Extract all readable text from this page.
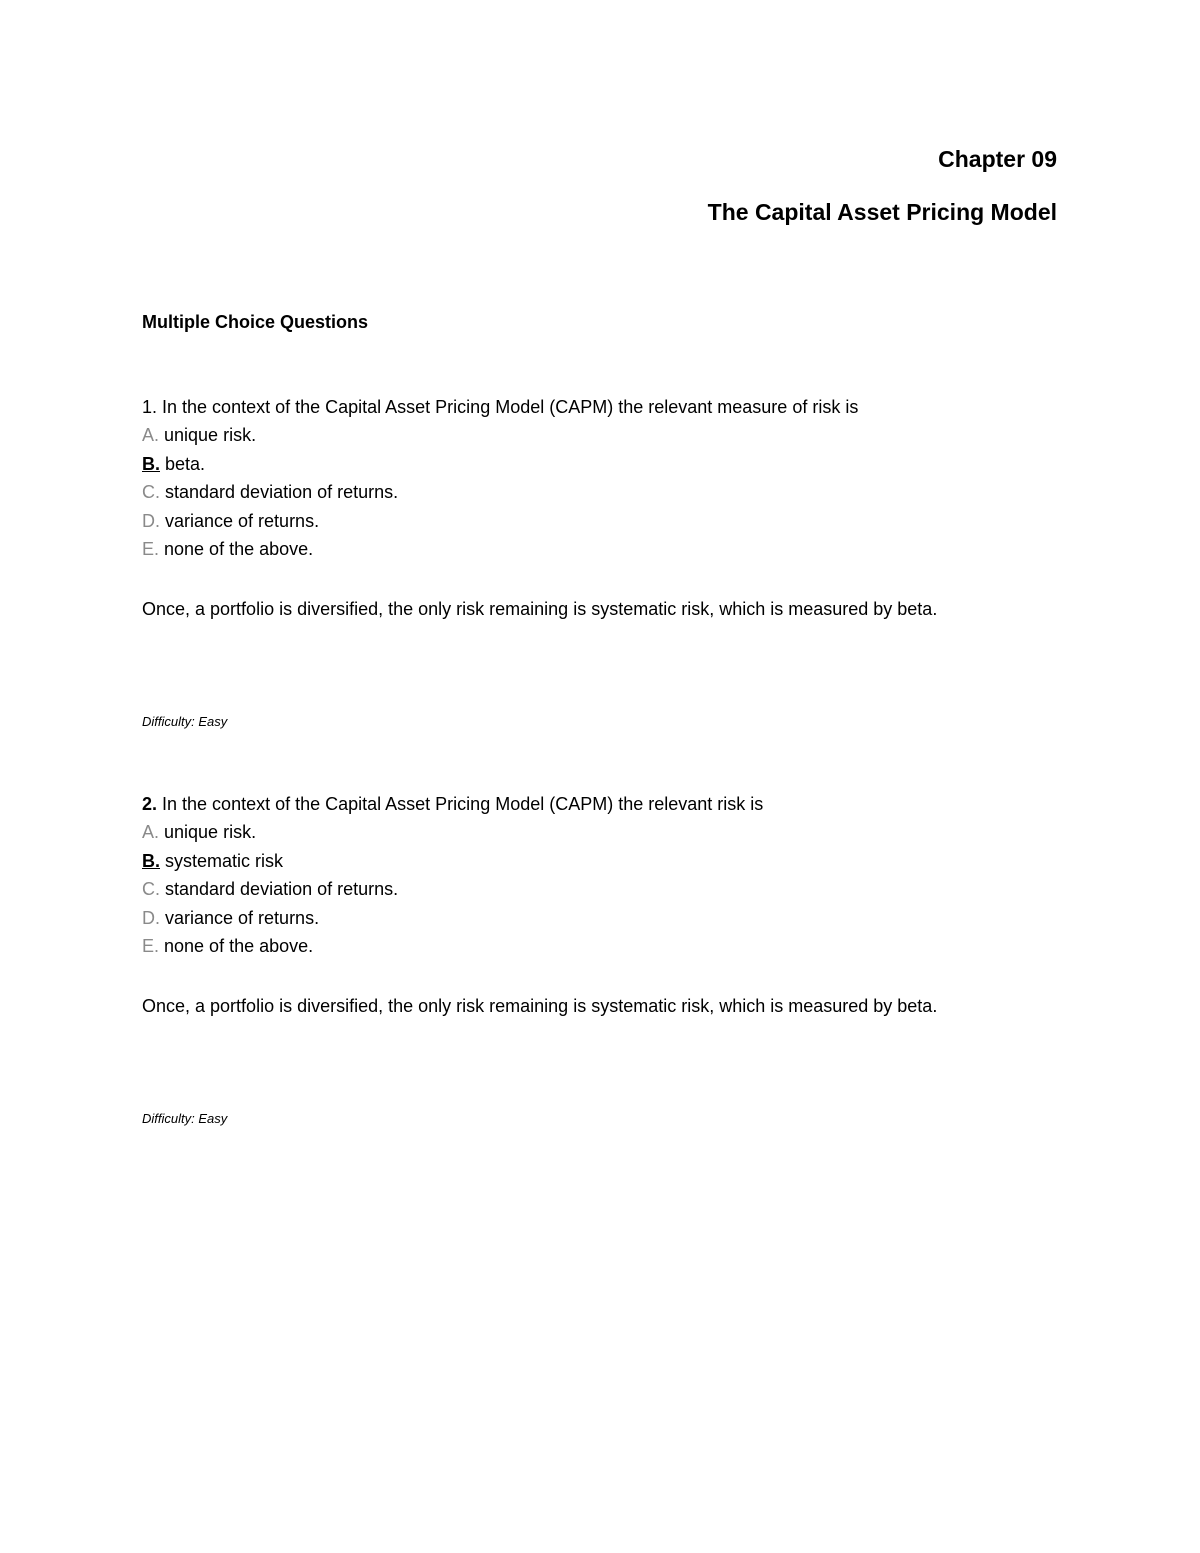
Chapter 09
The Capital Asset Pricing Model
Multiple Choice Questions
1. In the context of the Capital Asset Pricing Model (CAPM) the relevant measure of risk is
A. unique risk.
B. beta.
C. standard deviation of returns.
D. variance of returns.
E. none of the above.
Once, a portfolio is diversified, the only risk remaining is systematic risk, which is measured by beta.
Difficulty: Easy
2. In the context of the Capital Asset Pricing Model (CAPM) the relevant risk is
A. unique risk.
B. systematic risk
C. standard deviation of returns.
D. variance of returns.
E. none of the above.
Once, a portfolio is diversified, the only risk remaining is systematic risk, which is measured by beta.
Difficulty: Easy
